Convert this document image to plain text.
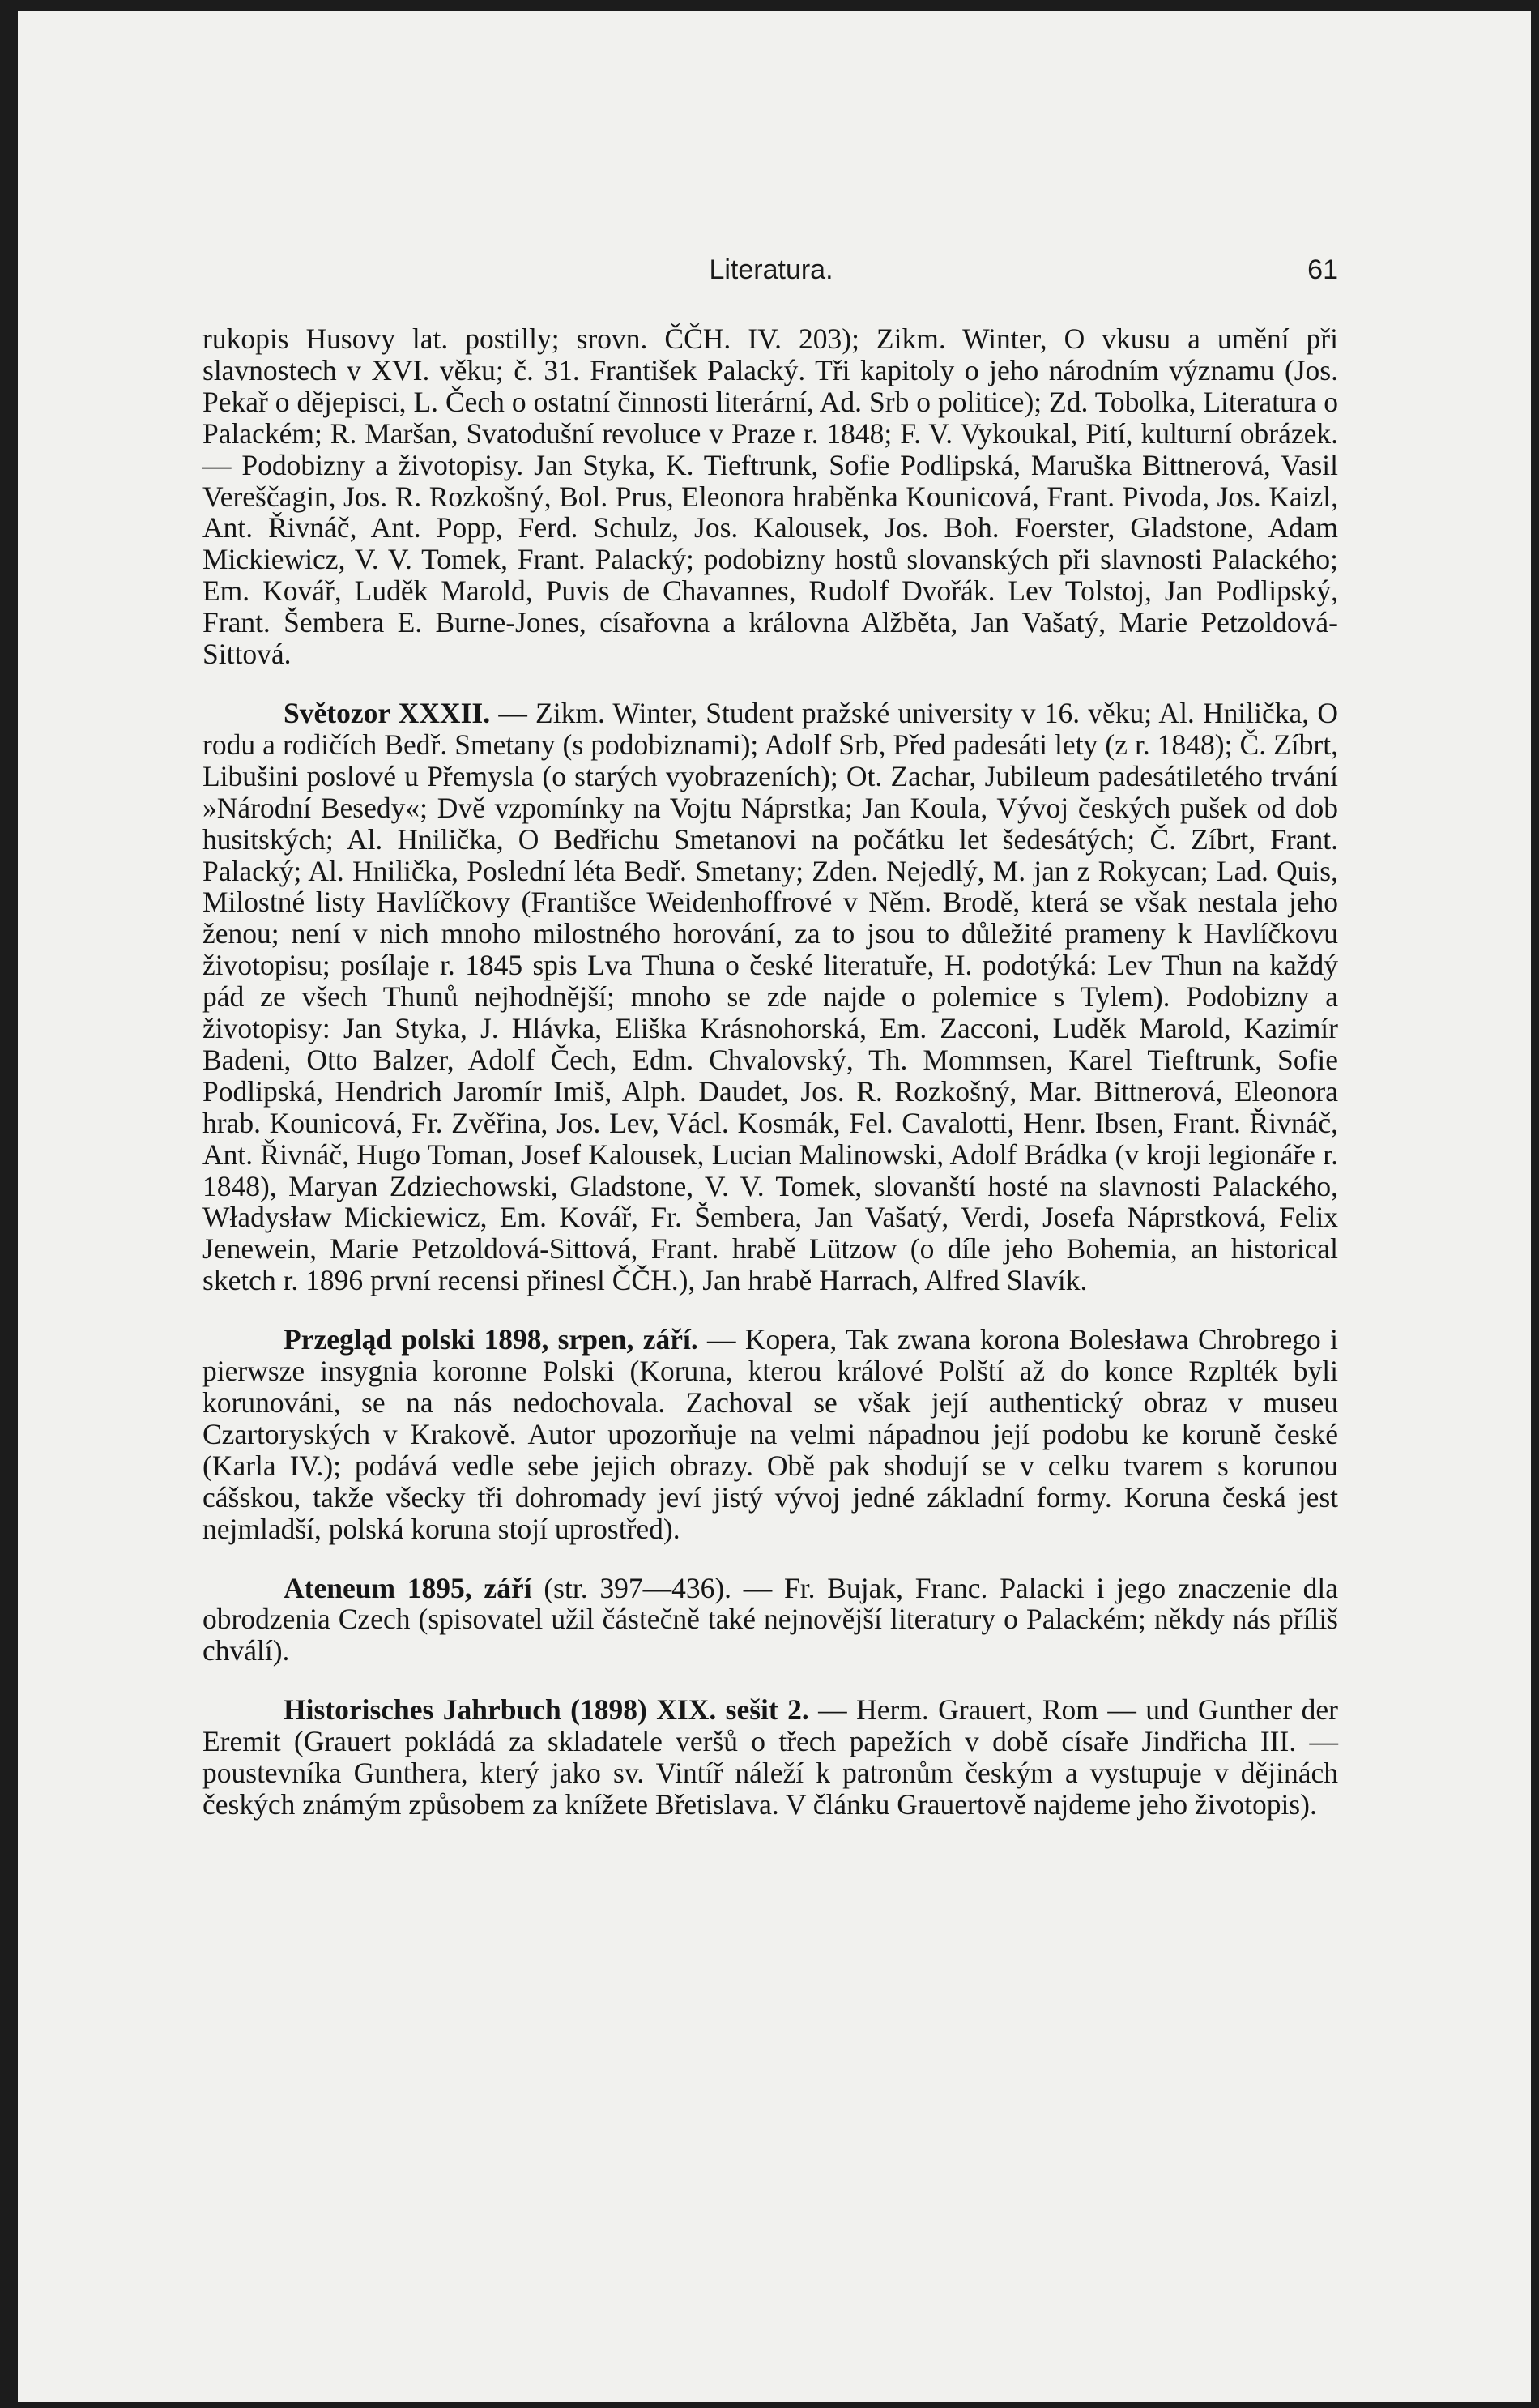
Literatura.	61

rukopis Husovy lat. postilly; srovn. ČČH. IV. 203); Zikm. Winter, O vkusu a umění při slavnostech v XVI. věku; č. 31. František Palacký. Tři kapitoly o jeho národním významu (Jos. Pekař o dějepisci, L. Čech o ostatní činnosti literární, Ad. Srb o politice); Zd. Tobolka, Literatura o Palackém; R. Maršan, Svatodušní revoluce v Praze r. 1848; F. V. Vykoukal, Pití, kulturní obrázek. — Podobizny a životopisy. Jan Styka, K. Tieftrunk, Sofie Podlipská, Maruška Bittnerová, Vasil Vereščagin, Jos. R. Rozkošný, Bol. Prus, Eleonora hraběnka Kounicová, Frant. Pivoda, Jos. Kaizl, Ant. Řivnáč, Ant. Popp, Ferd. Schulz, Jos. Kalousek, Jos. Boh. Foerster, Gladstone, Adam Mickiewicz, V. V. Tomek, Frant. Palacký; podobizny hostů slovanských při slavnosti Palackého; Em. Kovář, Luděk Marold, Puvis de Chavannes, Rudolf Dvořák. Lev Tolstoj, Jan Podlipský, Frant. Šembera E. Burne-Jones, císařovna a královna Alžběta, Jan Vašatý, Marie Petzoldová-Sittová.

Světozor XXXII. — Zikm. Winter, Student pražské university v 16. věku; Al. Hnilička, O rodu a rodičích Bedř. Smetany (s podobiznami); Adolf Srb, Před padesáti lety (z r. 1848); Č. Zíbrt, Libušini poslové u Přemysla (o starých vyobrazeních); Ot. Zachar, Jubileum padesátiletého trvání »Národní Besedy«; Dvě vzpomínky na Vojtu Náprstka; Jan Koula, Vývoj českých pušek od dob husitských; Al. Hnilička, O Bedřichu Smetanovi na počátku let šedesátých; Č. Zíbrt, Frant. Palacký; Al. Hnilička, Poslední léta Bedř. Smetany; Zden. Nejedlý, M. jan z Rokycan; Lad. Quis, Milostné listy Havlíčkovy (Františce Weidenhoffrové v Něm. Brodě, která se však nestala jeho ženou; není v nich mnoho milostného horování, za to jsou to důležité prameny k Havlíčkovu životopisu; posílaje r. 1845 spis Lva Thuna o české literatuře, H. podotýká: Lev Thun na každý pád ze všech Thunů nejhodnější; mnoho se zde najde o polemice s Tylem). Podobizny a životopisy: Jan Styka, J. Hlávka, Eliška Krásnohorská, Em. Zacconi, Luděk Marold, Kazimír Badeni, Otto Balzer, Adolf Čech, Edm. Chvalovský, Th. Mommsen, Karel Tieftrunk, Sofie Podlipská, Hendrich Jaromír Imiš, Alph. Daudet, Jos. R. Rozkošný, Mar. Bittnerová, Eleonora hrab. Kounicová, Fr. Zvěřina, Jos. Lev, Václ. Kosmák, Fel. Cavalotti, Henr. Ibsen, Frant. Řivnáč, Ant. Řivnáč, Hugo Toman, Josef Kalousek, Lucian Malinowski, Adolf Brádka (v kroji legionáře r. 1848), Maryan Zdziechowski, Gladstone, V. V. Tomek, slovanští hosté na slavnosti Palackého, Władysław Mickiewicz, Em. Kovář, Fr. Šembera, Jan Vašatý, Verdi, Josefa Náprstková, Felix Jenewein, Marie Petzoldová-Sittová, Frant. hrabě Lützow (o díle jeho Bohemia, an historical sketch r. 1896 první recensi přinesl ČČH.), Jan hrabě Harrach, Alfred Slavík.

Przegląd polski 1898, srpen, září. — Kopera, Tak zwana korona Bolesława Chrobrego i pierwsze insygnia koronne Polski (Koruna, kterou králové Polští až do konce Rzplték byli korunováni, se na nás nedochovala. Zachoval se však její authentický obraz v museu Czartoryských v Krakově. Autor upozorňuje na velmi nápadnou její podobu ke koruně české (Karla IV.); podává vedle sebe jejich obrazy. Obě pak shodují se v celku tvarem s korunou cášskou, takže všecky tři dohromady jeví jistý vývoj jedné základní formy. Koruna česká jest nejmladší, polská koruna stojí uprostřed).

Ateneum 1895, září (str. 397—436). — Fr. Bujak, Franc. Palacki i jego znaczenie dla obrodzenia Czech (spisovatel užil částečně také nejnovější literatury o Palackém; někdy nás příliš chválí).

Historisches Jahrbuch (1898) XIX. sešit 2. — Herm. Grauert, Rom — und Gunther der Eremit (Grauert pokládá za skladatele veršů o třech papežích v době císaře Jindřicha III. — poustevníka Gunthera, který jako sv. Vintíř náleží k patronům českým a vystupuje v dějinách českých známým způsobem za knížete Břetislava. V článku Grauertově najdeme jeho životopis).
